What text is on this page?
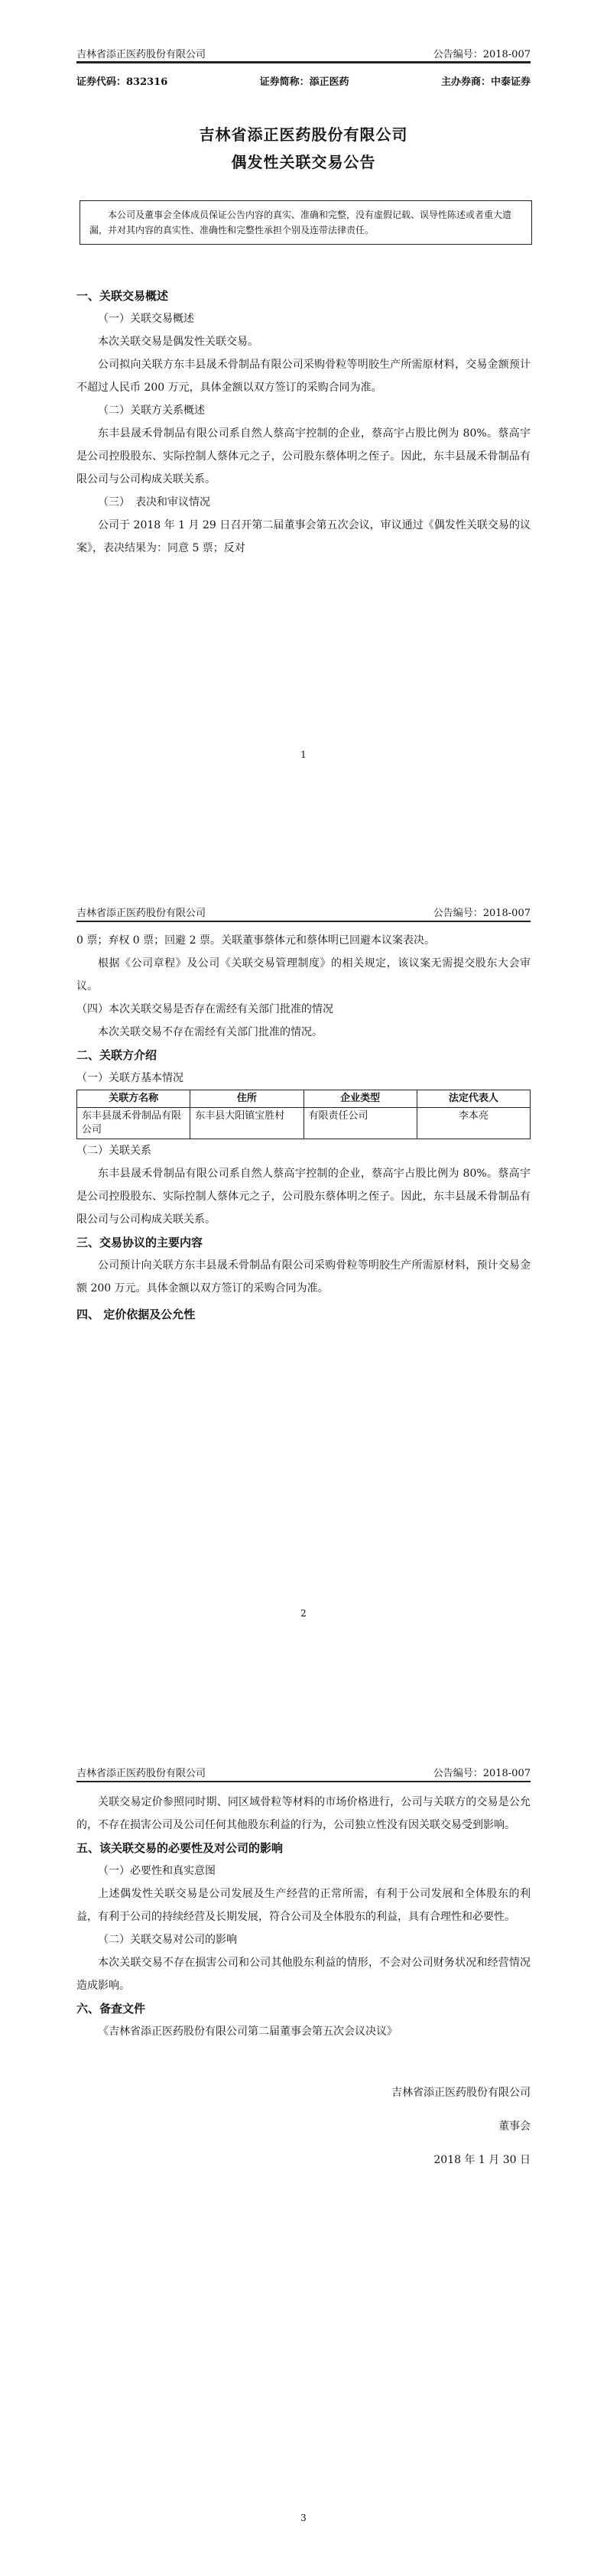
吉林省添正医药股份有限公司	公告编号：2018-007
证券代码：832316	证券简称：添正医药	主办券商：中泰证券
吉林省添正医药股份有限公司
偶发性关联交易公告
本公司及董事会全体成员保证公告内容的真实、准确和完整，没有虚假记载、误导性陈述或者重大遗漏，并对其内容的真实性、准确性和完整性承担个别及连带法律责任。
一、关联交易概述
（一）关联交易概述
本次关联交易是偶发性关联交易。
公司拟向关联方东丰县晟禾骨制品有限公司采购骨粒等明胶生产所需原材料，交易金额预计不超过人民币 200 万元，具体金额以双方签订的采购合同为准。
（二）关联方关系概述
东丰县晟禾骨制品有限公司系自然人蔡高宇控制的企业，蔡高宇占股比例为 80%。蔡高宇是公司控股股东、实际控制人蔡体元之子，公司股东蔡体明之侄子。因此，东丰县晟禾骨制品有限公司与公司构成关联关系。
（三）　表决和审议情况
公司于 2018 年 1 月 29 日召开第二届董事会第五次会议，审议通过《偶发性关联交易的议案》，表决结果为：同意 5 票；反对
1
吉林省添正医药股份有限公司	公告编号：2018-007
0 票；弃权 0 票；回避 2 票。关联董事蔡体元和蔡体明已回避本议案表决。
根据《公司章程》及公司《关联交易管理制度》的相关规定，该议案无需提交股东大会审议。
（四）本次关联交易是否存在需经有关部门批准的情况
本次关联交易不存在需经有关部门批准的情况。
二、关联方介绍
（一）关联方基本情况
关联方名称	住所	企业类型	法定代表人
东丰县晟禾骨制品有限公司	东丰县大阳镇宝胜村	有限责任公司	李本亮
（二）关联关系
东丰县晟禾骨制品有限公司系自然人蔡高宇控制的企业，蔡高宇占股比例为 80%。蔡高宇是公司控股股东、实际控制人蔡体元之子，公司股东蔡体明之侄子。因此，东丰县晟禾骨制品有限公司与公司构成关联关系。
三、交易协议的主要内容
公司预计向关联方东丰县晟禾骨制品有限公司采购骨粒等明胶生产所需原材料，预计交易金额 200 万元。具体金额以双方签订的采购合同为准。
四、 定价依据及公允性
2
吉林省添正医药股份有限公司	公告编号：2018-007
关联交易定价参照同时期、同区域骨粒等材料的市场价格进行，公司与关联方的交易是公允的，不存在损害公司及公司任何其他股东利益的行为，公司独立性没有因关联交易受到影响。
五、该关联交易的必要性及对公司的影响
（一）必要性和真实意图
上述偶发性关联交易是公司发展及生产经营的正常所需，有利于公司发展和全体股东的利益，有利于公司的持续经营及长期发展，符合公司及全体股东的利益，具有合理性和必要性。
（二）关联交易对公司的影响
本次关联交易不存在损害公司和公司其他股东利益的情形，不会对公司财务状况和经营情况造成影响。
六、备查文件
《吉林省添正医药股份有限公司第二届董事会第五次会议决议》
吉林省添正医药股份有限公司
董事会
2018 年 1 月 30 日
3
